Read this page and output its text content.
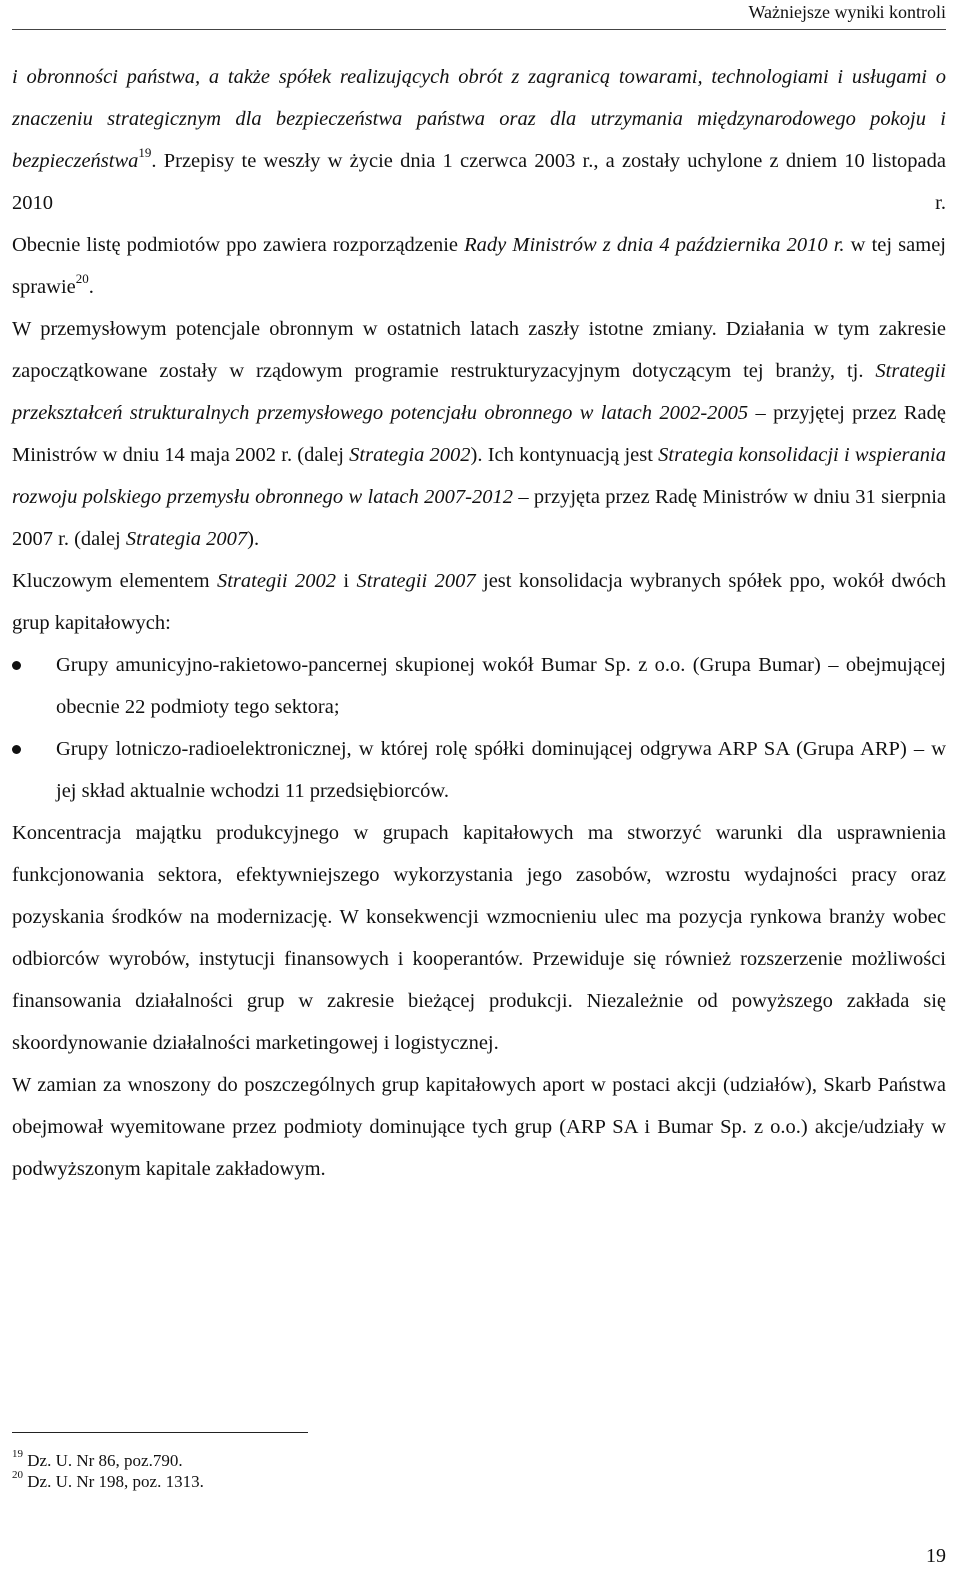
Ważniejsze wyniki kontroli

i obronności państwa, a także spółek realizujących obrót z zagranicą towarami, technologiami i usługami o znaczeniu strategicznym dla bezpieczeństwa państwa oraz dla utrzymania międzynarodowego pokoju i bezpieczeństwa$^{19}$. Przepisy te weszły w życie dnia 1 czerwca 2003 r., a zostały uchylone z dniem 10 listopada 2010 r.

Obecnie listę podmiotów ppo zawiera rozporządzenie Rady Ministrów z dnia 4 października 2010 r. w tej samej sprawie$^{20}$.

W przemysłowym potencjale obronnym w ostatnich latach zaszły istotne zmiany. Działania w tym zakresie zapoczątkowane zostały w rządowym programie restrukturyzacyjnym dotyczącym tej branży, tj. Strategii przekształceń strukturalnych przemysłowego potencjału obronnego w latach 2002-2005 – przyjętej przez Radę Ministrów w dniu 14 maja 2002 r. (dalej Strategia 2002). Ich kontynuacją jest Strategia konsolidacji i wspierania rozwoju polskiego przemysłu obronnego w latach 2007-2012 – przyjęta przez Radę Ministrów w dniu 31 sierpnia 2007 r. (dalej Strategia 2007).

Kluczowym elementem Strategii 2002 i Strategii 2007 jest konsolidacja wybranych spółek ppo, wokół dwóch grup kapitałowych:

Grupy amunicyjno-rakietowo-pancernej skupionej wokół Bumar Sp. z o.o. (Grupa Bumar) – obejmującej obecnie 22 podmioty tego sektora;
Grupy lotniczo-radioelektronicznej, w której rolę spółki dominującej odgrywa ARP SA (Grupa ARP) – w jej skład aktualnie wchodzi 11 przedsiębiorców.

Koncentracja majątku produkcyjnego w grupach kapitałowych ma stworzyć warunki dla usprawnienia funkcjonowania sektora, efektywniejszego wykorzystania jego zasobów, wzrostu wydajności pracy oraz pozyskania środków na modernizację. W konsekwencji wzmocnieniu ulec ma pozycja rynkowa branży wobec odbiorców wyrobów, instytucji finansowych i kooperantów. Przewiduje się również rozszerzenie możliwości finansowania działalności grup w zakresie bieżącej produkcji. Niezależnie od powyższego zakłada się skoordynowanie działalności marketingowej i logistycznej.

W zamian za wnoszony do poszczególnych grup kapitałowych aport w postaci akcji (udziałów), Skarb Państwa obejmował wyemitowane przez podmioty dominujące tych grup (ARP SA i Bumar Sp. z o.o.) akcje/udziały w podwyższonym kapitale zakładowym.

$^{19}$ Dz. U. Nr 86, poz.790.
$^{20}$ Dz. U. Nr 198, poz. 1313.
19
